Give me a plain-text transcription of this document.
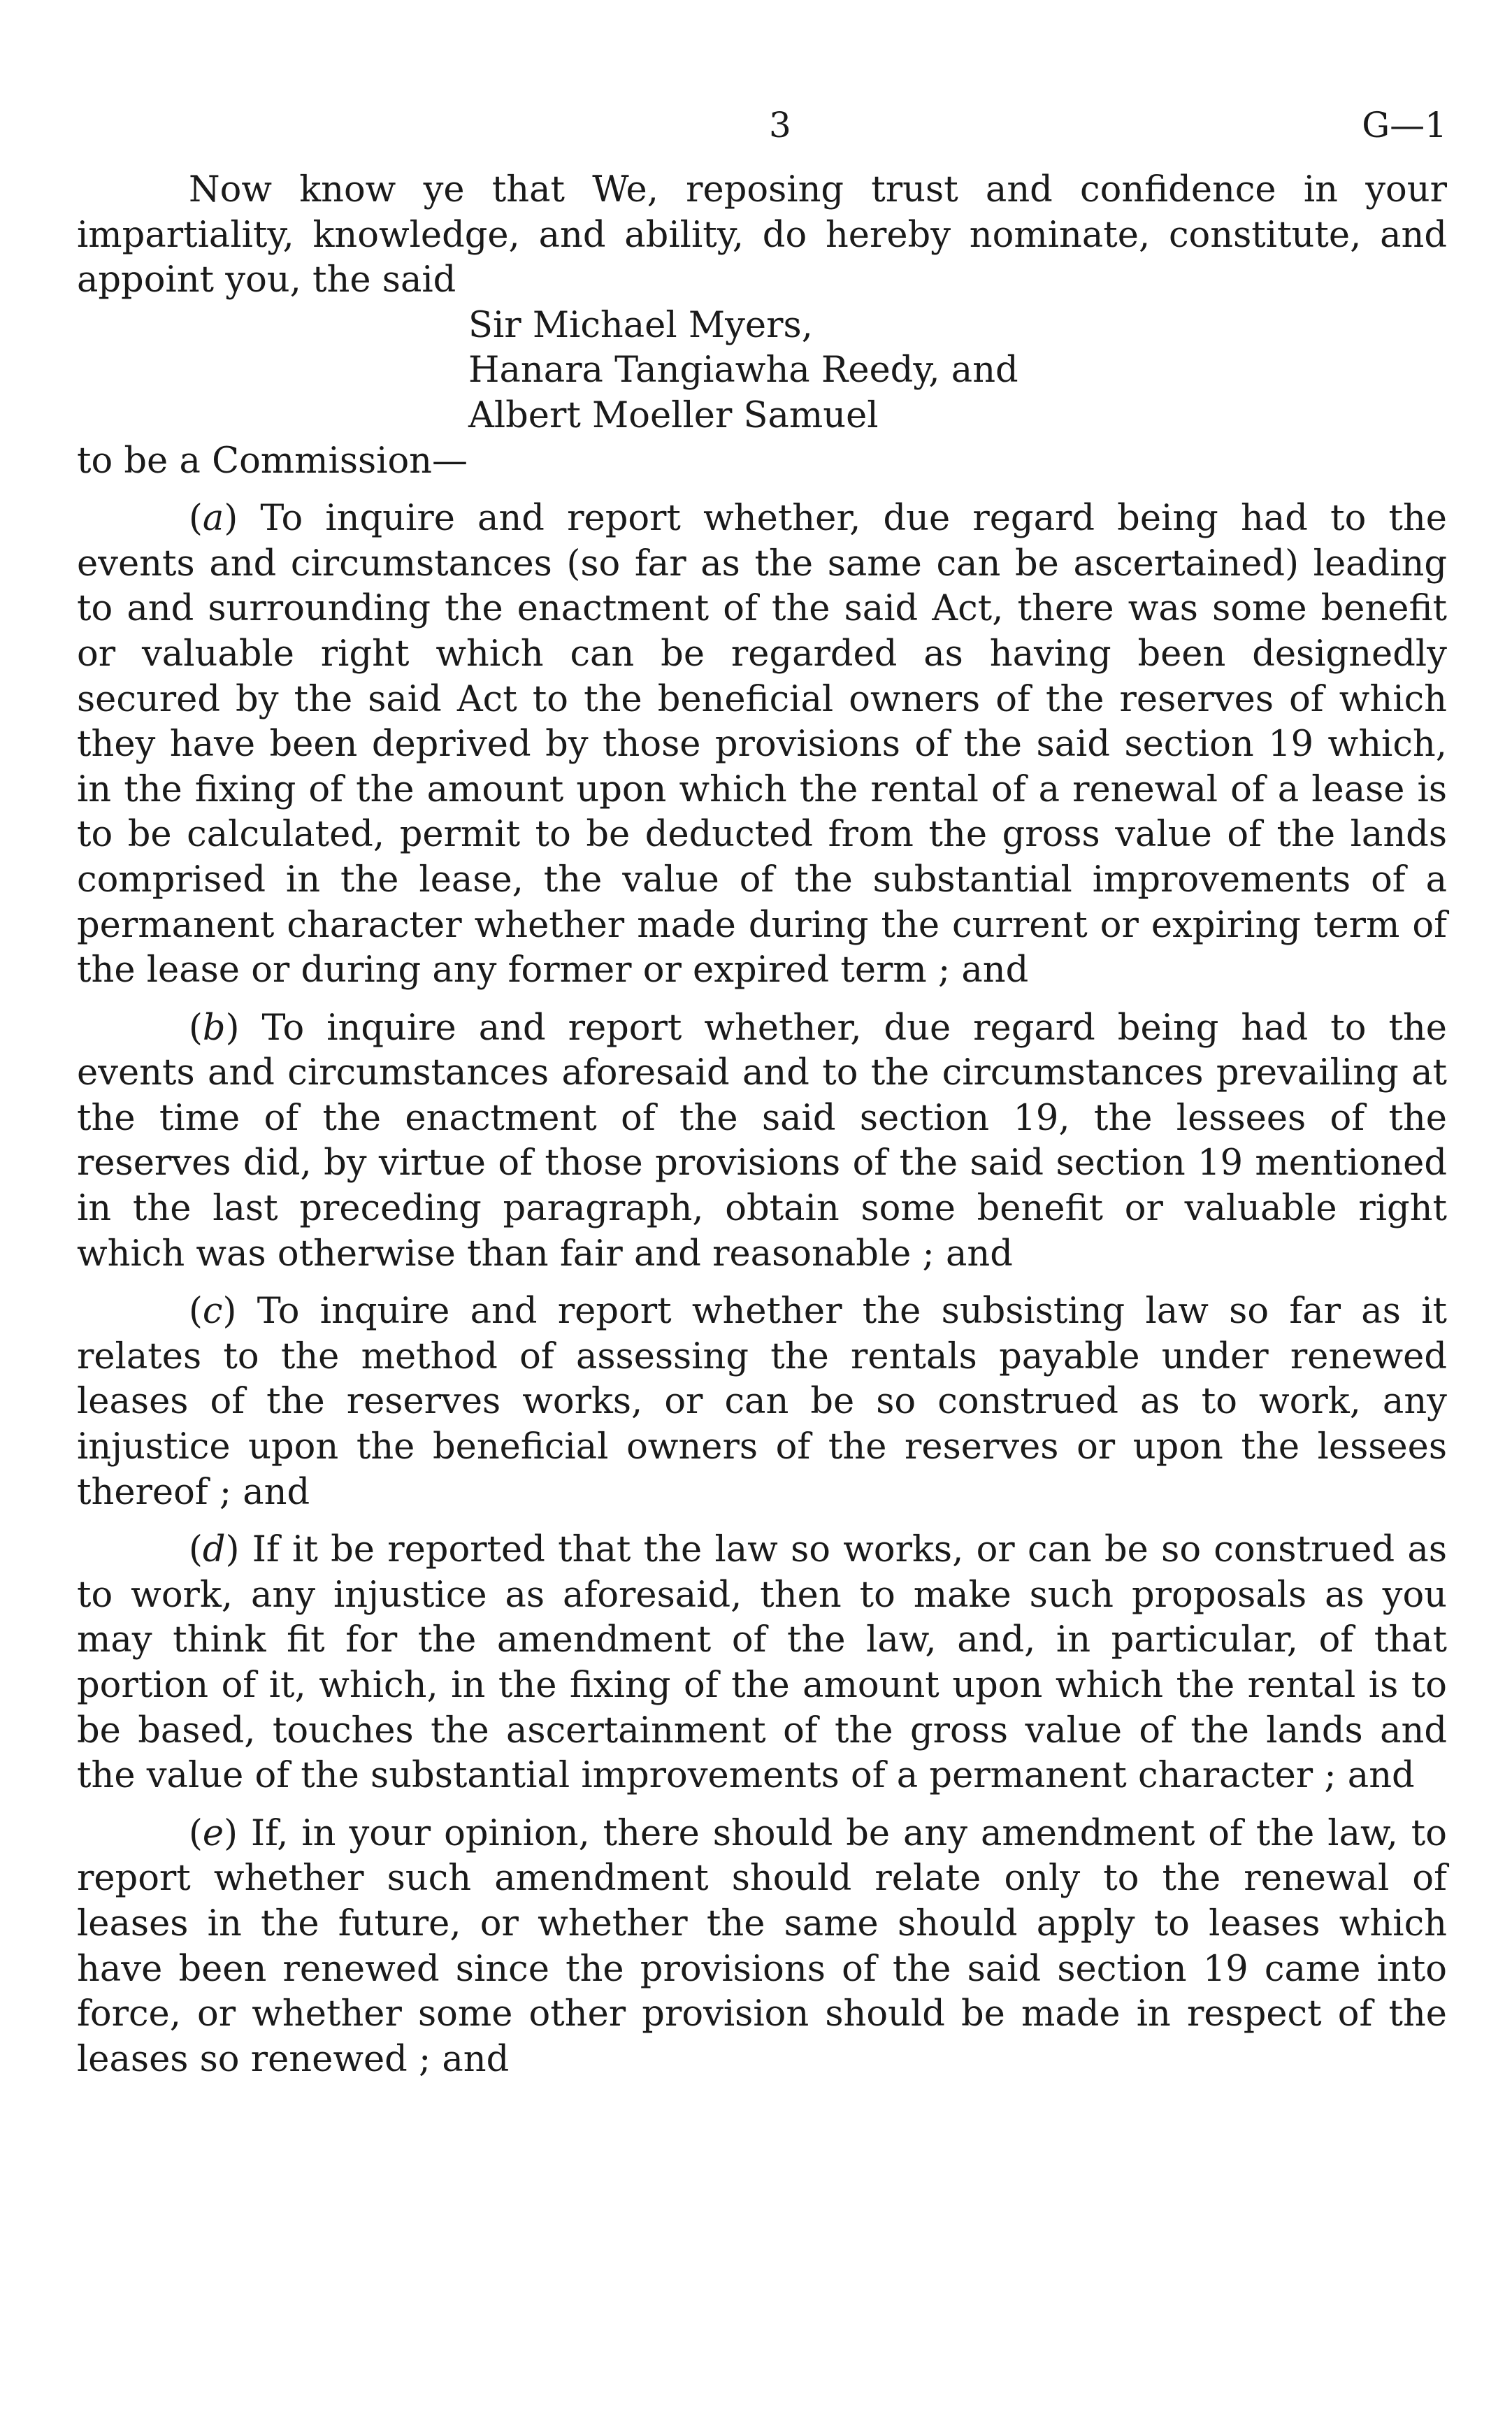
3	G—1

Now know ye that We, reposing trust and confidence in your impartiality, knowledge, and ability, do hereby nominate, constitute, and appoint you, the said

Sir Michael Myers,
Hanara Tangiawha Reedy, and
Albert Moeller Samuel

to be a Commission—

(a) To inquire and report whether, due regard being had to the events and circumstances (so far as the same can be ascertained) leading to and surrounding the enactment of the said Act, there was some benefit or valuable right which can be regarded as having been designedly secured by the said Act to the beneficial owners of the reserves of which they have been deprived by those provisions of the said section 19 which, in the fixing of the amount upon which the rental of a renewal of a lease is to be calculated, permit to be deducted from the gross value of the lands comprised in the lease, the value of the substantial improvements of a permanent character whether made during the current or expiring term of the lease or during any former or expired term ; and

(b) To inquire and report whether, due regard being had to the events and circumstances aforesaid and to the circumstances prevailing at the time of the enactment of the said section 19, the lessees of the reserves did, by virtue of those provisions of the said section 19 mentioned in the last preceding paragraph, obtain some benefit or valuable right which was otherwise than fair and reasonable ; and

(c) To inquire and report whether the subsisting law so far as it relates to the method of assessing the rentals payable under renewed leases of the reserves works, or can be so construed as to work, any injustice upon the beneficial owners of the reserves or upon the lessees thereof ; and

(d) If it be reported that the law so works, or can be so construed as to work, any injustice as aforesaid, then to make such proposals as you may think fit for the amendment of the law, and, in particular, of that portion of it, which, in the fixing of the amount upon which the rental is to be based, touches the ascertainment of the gross value of the lands and the value of the substantial improvements of a permanent character ; and

(e) If, in your opinion, there should be any amendment of the law, to report whether such amendment should relate only to the renewal of leases in the future, or whether the same should apply to leases which have been renewed since the provisions of the said section 19 came into force, or whether some other provision should be made in respect of the leases so renewed ; and
